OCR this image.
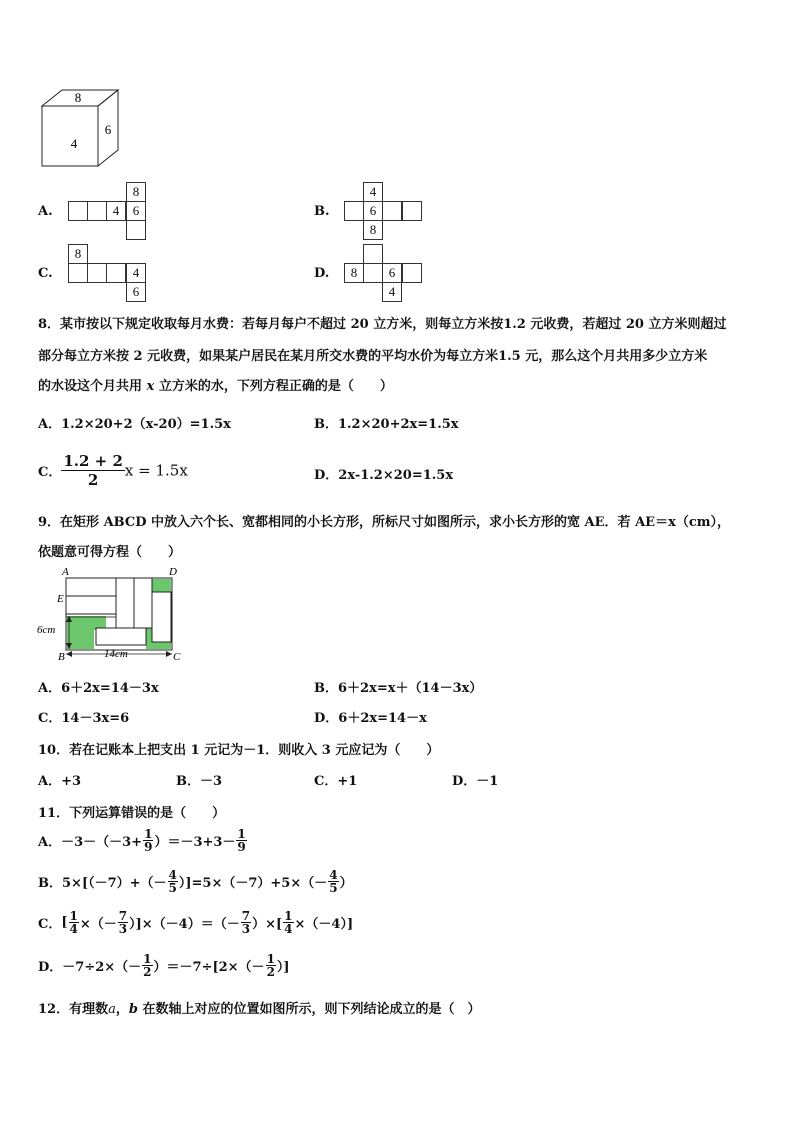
8
4
6
A.
8
4	6	B.
4
6
8
C.
8
4
6
D.	8	6
4
8．某市按以下规定收取每月水费：若每月每户不超过 20 立方米，则每立方米按1.2 元收费，若超过 20 立方米则超过
部分每立方米按 2 元收费，如果某户居民在某月所交水费的平均水价为每立方米1.5 元，那么这个月共用多少立方米
的水设这个月共用 x 立方米的水，下列方程正确的是（　　）
A．1.2×20+2（x-20）=1.5x	B．1.2×20+2x=1.5x
C． $\frac{1.2 + 2}{2}$ x = 1.5x	D．2x-1.2×20=1.5x
9．在矩形 ABCD 中放入六个长、宽都相同的小长方形，所标尺寸如图所示，求小长方形的宽 AE．若 AE＝x（cm），
依题意可得方程（　　）
A	D
E
B	C
6cm
14cm
A．6＋2x=14－3x	B．6＋2x=x＋（14－3x）
C．14－3x=6	D．6＋2x=14－x
10．若在记账本上把支出 1 元记为－1．则收入 3 元应记为（　　）
A．+3	B．－3	C．+1	D．－1
11．下列运算错误的是（　　）
A．$-3-(-3+ \frac{1}{9} )=-3+3- \frac{1}{9}$
B．$5\times[(-7)+(- \frac{4}{5} )]=5\times(-7)+5\times(- \frac{4}{5}$ ）
C．[ $\frac{1}{4}$ ×（－ $\frac{7}{3} )]\times(-4)=(- \frac{7}{3}$ ）×[ $\frac{1}{4} \times(-4)$]
D．$-7\div 2\times(- \frac{1}{2} )=-7\div[2\times(- \frac{1}{2}$ ）]
12．有理数a，b 在数轴上对应的位置如图所示，则下列结论成立的是（　）
